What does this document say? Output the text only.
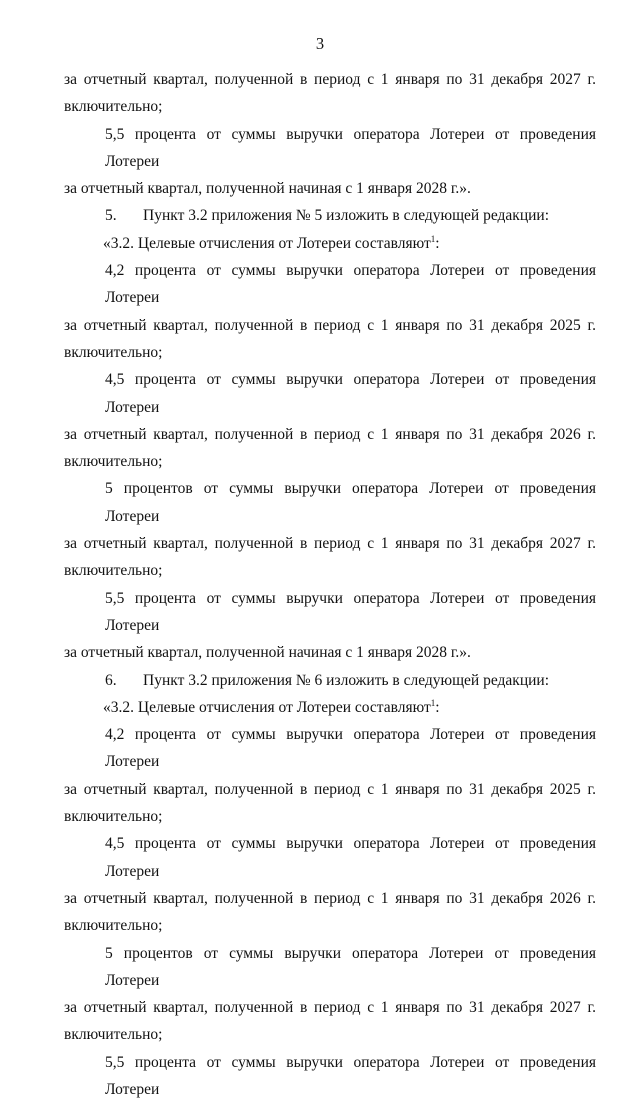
3
за отчетный квартал, полученной в период с 1 января по 31 декабря 2027 г.
включительно;
5,5 процента от суммы выручки оператора Лотереи от проведения Лотереи
за отчетный квартал, полученной начиная с 1 января 2028 г.».
5. Пункт 3.2 приложения № 5 изложить в следующей редакции:
«3.2. Целевые отчисления от Лотереи составляют$^1$:
4,2 процента от суммы выручки оператора Лотереи от проведения Лотереи
за отчетный квартал, полученной в период с 1 января по 31 декабря 2025 г.
включительно;
4,5 процента от суммы выручки оператора Лотереи от проведения Лотереи
за отчетный квартал, полученной в период с 1 января по 31 декабря 2026 г.
включительно;
5 процентов от суммы выручки оператора Лотереи от проведения Лотереи
за отчетный квартал, полученной в период с 1 января по 31 декабря 2027 г.
включительно;
5,5 процента от суммы выручки оператора Лотереи от проведения Лотереи
за отчетный квартал, полученной начиная с 1 января 2028 г.».
6. Пункт 3.2 приложения № 6 изложить в следующей редакции:
«3.2. Целевые отчисления от Лотереи составляют$^1$:
4,2 процента от суммы выручки оператора Лотереи от проведения Лотереи
за отчетный квартал, полученной в период с 1 января по 31 декабря 2025 г.
включительно;
4,5 процента от суммы выручки оператора Лотереи от проведения Лотереи
за отчетный квартал, полученной в период с 1 января по 31 декабря 2026 г.
включительно;
5 процентов от суммы выручки оператора Лотереи от проведения Лотереи
за отчетный квартал, полученной в период с 1 января по 31 декабря 2027 г.
включительно;
5,5 процента от суммы выручки оператора Лотереи от проведения Лотереи
